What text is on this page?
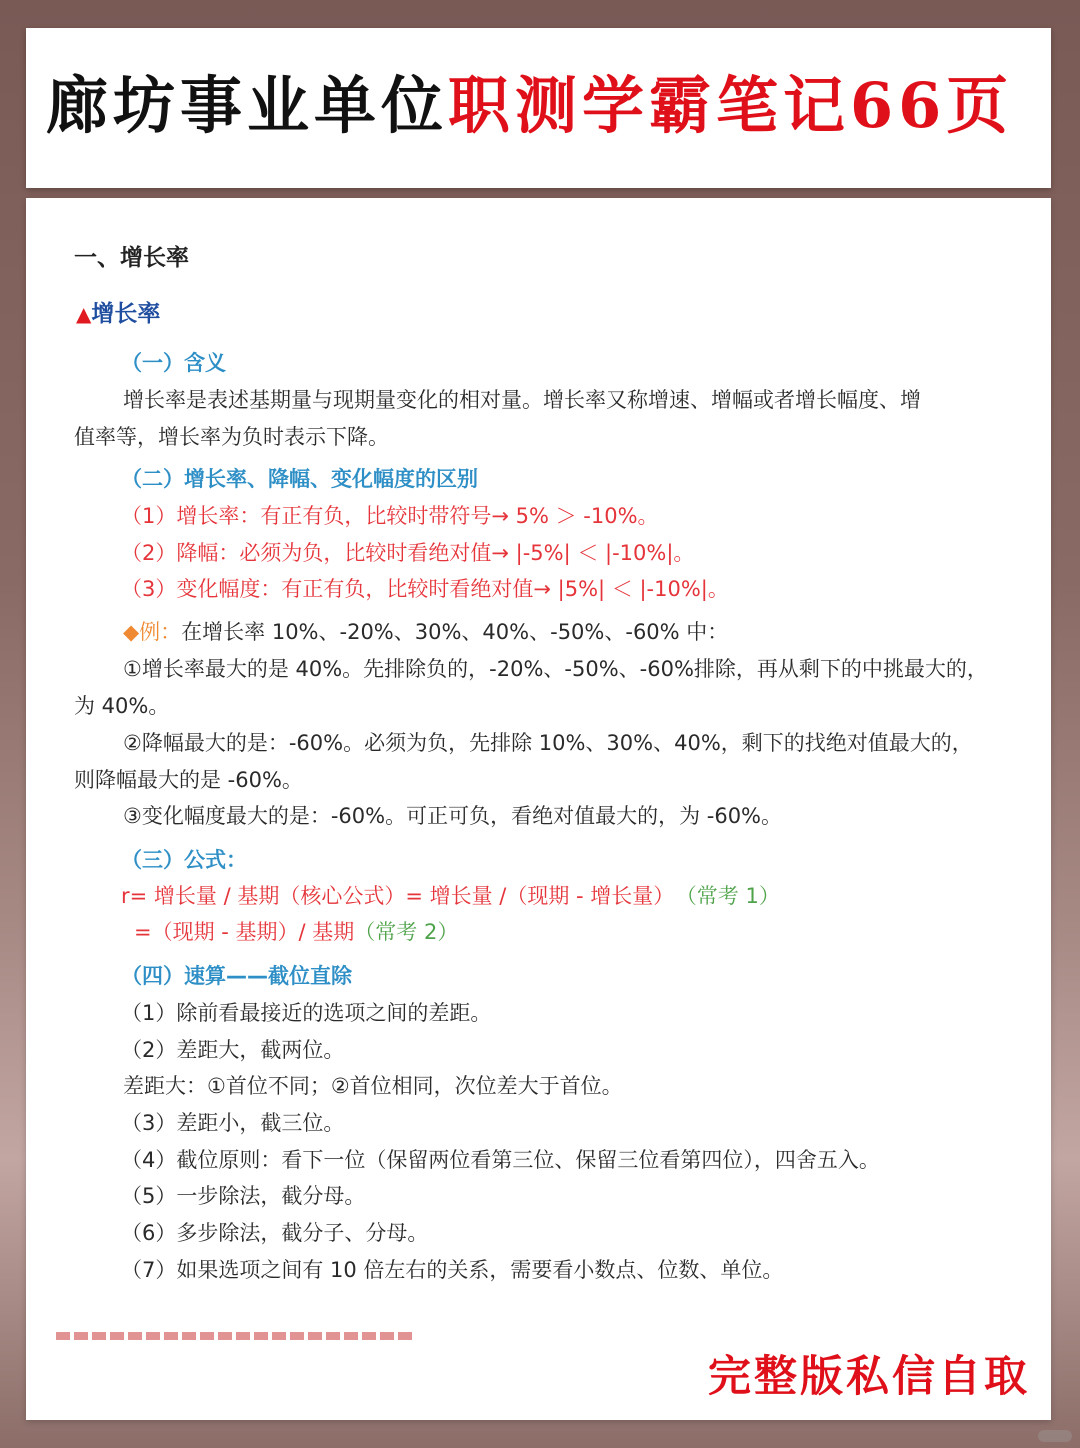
廊坊事业单位职测学霸笔记66页
一、增长率
▲增长率
（一）含义
增长率是表述基期量与现期量变化的相对量。增长率又称增速、增幅或者增长幅度、增
值率等，增长率为负时表示下降。
（二）增长率、降幅、变化幅度的区别
（1）增长率：有正有负，比较时带符号→ 5% ＞ -10%。
（2）降幅：必须为负，比较时看绝对值→ |-5%| ＜ |-10%|。
（3）变化幅度：有正有负，比较时看绝对值→ |5%| ＜ |-10%|。
◆例：在增长率 10%、-20%、30%、40%、-50%、-60% 中：
①增长率最大的是 40%。先排除负的，-20%、-50%、-60%排除，再从剩下的中挑最大的，
为 40%。
②降幅最大的是：-60%。必须为负，先排除 10%、30%、40%，剩下的找绝对值最大的，
则降幅最大的是 -60%。
③变化幅度最大的是：-60%。可正可负，看绝对值最大的，为 -60%。
（三）公式：
r= 增长量 / 基期（核心公式）= 增长量 /（现期 - 增长量） （常考 1）
=（现期 - 基期）/ 基期（常考 2）
（四）速算——截位直除
（1）除前看最接近的选项之间的差距。
（2）差距大，截两位。
差距大：①首位不同；②首位相同，次位差大于首位。
（3）差距小，截三位。
（4）截位原则：看下一位（保留两位看第三位、保留三位看第四位），四舍五入。
（5）一步除法，截分母。
（6）多步除法，截分子、分母。
（7）如果选项之间有 10 倍左右的关系，需要看小数点、位数、单位。
完整版私信自取
